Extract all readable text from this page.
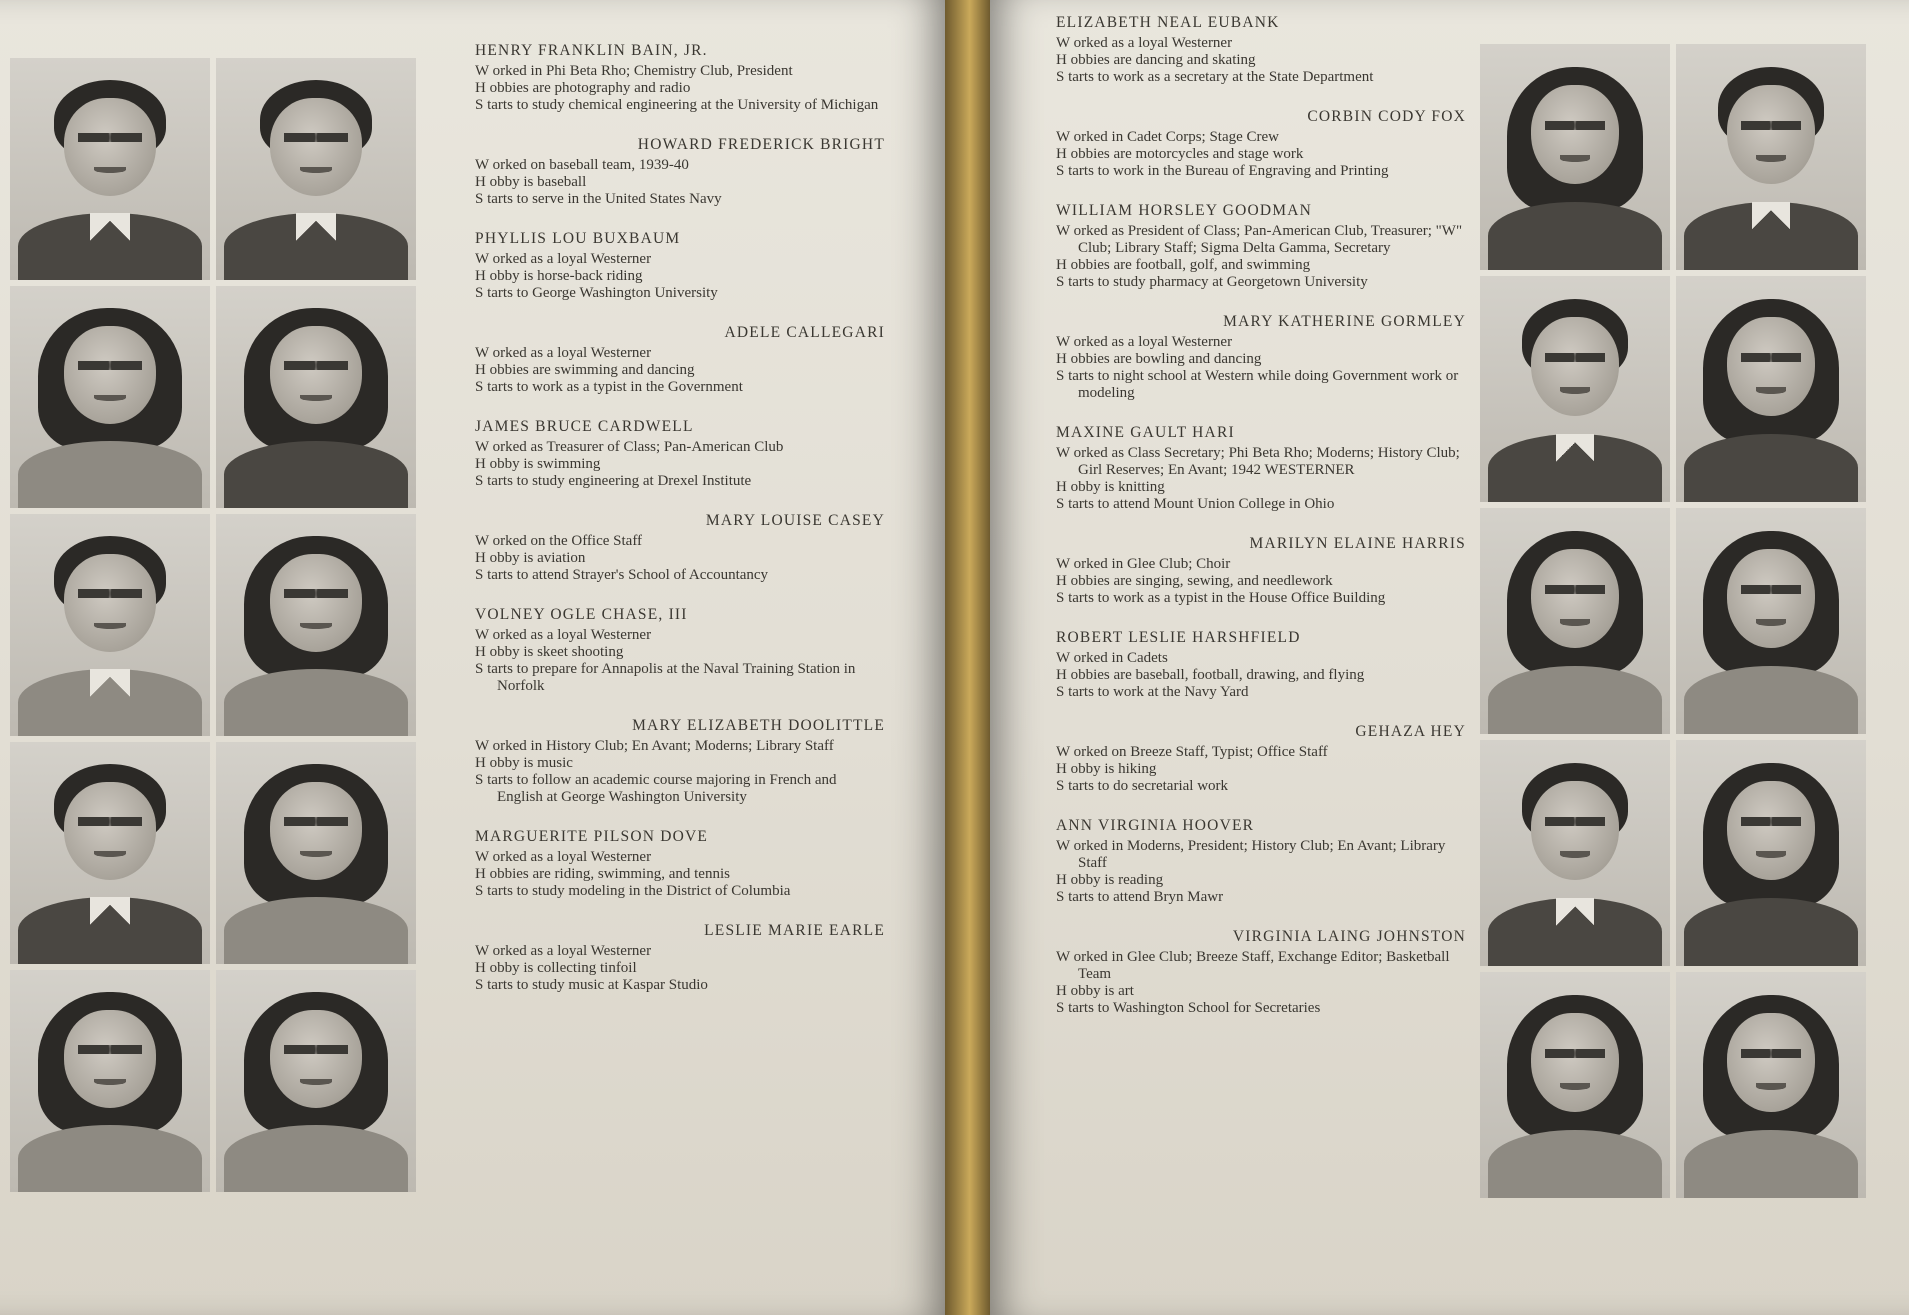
HENRY FRANKLIN BAIN, JR.
W orked in Phi Beta Rho; Chemistry Club, President
H obbies are photography and radio
S tarts to study chemical engineering at the University of Michigan
HOWARD FREDERICK BRIGHT
W orked on baseball team, 1939-40
H obby is baseball
S tarts to serve in the United States Navy
PHYLLIS LOU BUXBAUM
W orked as a loyal Westerner
H obby is horse-back riding
S tarts to George Washington University
ADELE CALLEGARI
W orked as a loyal Westerner
H obbies are swimming and dancing
S tarts to work as a typist in the Government
JAMES BRUCE CARDWELL
W orked as Treasurer of Class; Pan-American Club
H obby is swimming
S tarts to study engineering at Drexel Institute
MARY LOUISE CASEY
W orked on the Office Staff
H obby is aviation
S tarts to attend Strayer's School of Accountancy
VOLNEY OGLE CHASE, III
W orked as a loyal Westerner
H obby is skeet shooting
S tarts to prepare for Annapolis at the Naval Training Station in Norfolk
MARY ELIZABETH DOOLITTLE
W orked in History Club; En Avant; Moderns; Library Staff
H obby is music
S tarts to follow an academic course majoring in French and English at George Washington University
MARGUERITE PILSON DOVE
W orked as a loyal Westerner
H obbies are riding, swimming, and tennis
S tarts to study modeling in the District of Columbia
LESLIE MARIE EARLE
W orked as a loyal Westerner
H obby is collecting tinfoil
S tarts to study music at Kaspar Studio
ELIZABETH NEAL EUBANK
W orked as a loyal Westerner
H obbies are dancing and skating
S tarts to work as a secretary at the State Department
CORBIN CODY FOX
W orked in Cadet Corps; Stage Crew
H obbies are motorcycles and stage work
S tarts to work in the Bureau of Engraving and Printing
WILLIAM HORSLEY GOODMAN
W orked as President of Class; Pan-American Club, Treasurer; "W" Club; Library Staff; Sigma Delta Gamma, Secretary
H obbies are football, golf, and swimming
S tarts to study pharmacy at Georgetown University
MARY KATHERINE GORMLEY
W orked as a loyal Westerner
H obbies are bowling and dancing
S tarts to night school at Western while doing Government work or modeling
MAXINE GAULT HARI
W orked as Class Secretary; Phi Beta Rho; Moderns; History Club; Girl Reserves; En Avant; 1942 WESTERNER
H obby is knitting
S tarts to attend Mount Union College in Ohio
MARILYN ELAINE HARRIS
W orked in Glee Club; Choir
H obbies are singing, sewing, and needlework
S tarts to work as a typist in the House Office Building
ROBERT LESLIE HARSHFIELD
W orked in Cadets
H obbies are baseball, football, drawing, and flying
S tarts to work at the Navy Yard
GEHAZA HEY
W orked on Breeze Staff, Typist; Office Staff
H obby is hiking
S tarts to do secretarial work
ANN VIRGINIA HOOVER
W orked in Moderns, President; History Club; En Avant; Library Staff
H obby is reading
S tarts to attend Bryn Mawr
VIRGINIA LAING JOHNSTON
W orked in Glee Club; Breeze Staff, Exchange Editor; Basketball Team
H obby is art
S tarts to Washington School for Secretaries
